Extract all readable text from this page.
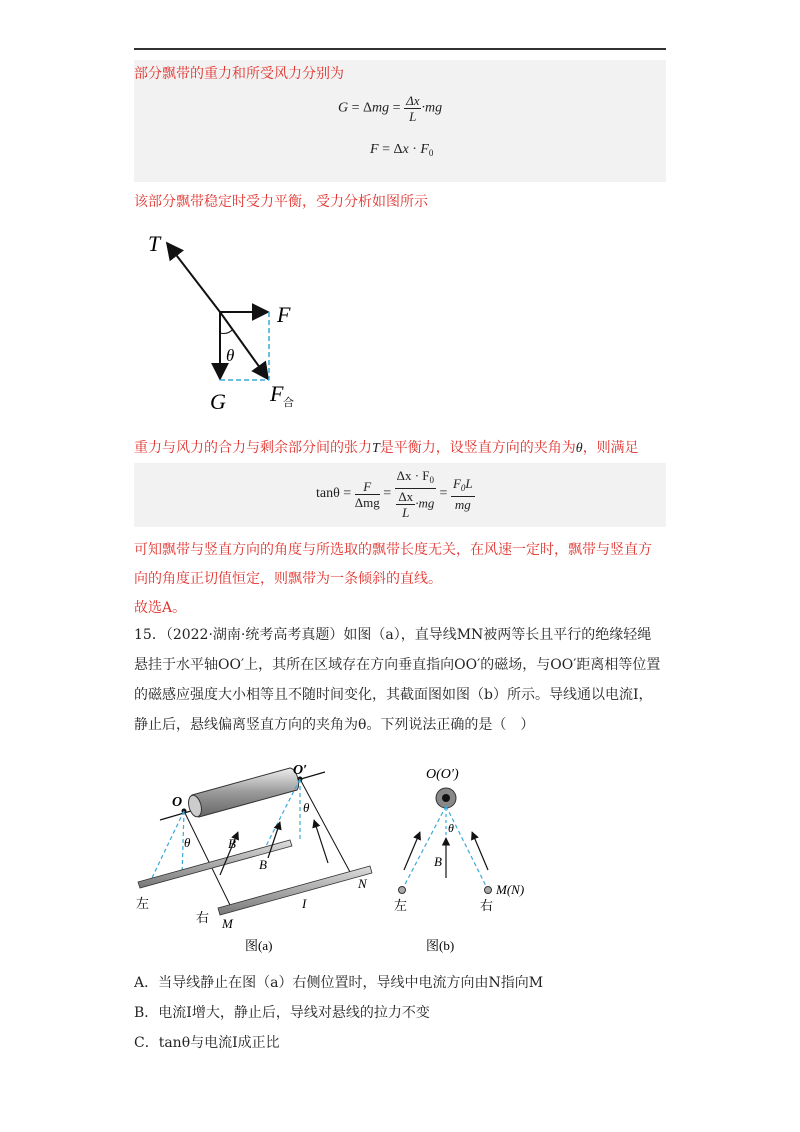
部分飘带的重力和所受风力分别为
$G = \Delta mg = \frac{\Delta x}{L} \cdot mg$
$F = \Delta x \cdot F_0$
该部分飘带稳定时受力平衡，受力分析如图所示
T
F
θ
G F 合
重力与风力的合力与剩余部分间的张力T是平衡力，设竖直方向的夹角为θ，则满足
$\tan\theta = \frac{F}{\text{Δmg}} = \frac{\Delta x \cdot F_0}{\frac{\Delta x}{L} \cdot mg} = \frac{F_0L}{mg}$
可知飘带与竖直方向的角度与所选取的飘带长度无关，在风速一定时，飘带与竖直方
向的角度正切值恒定，则飘带为一条倾斜的直线。
故选A。
15．（2022·湖南·统考高考真题）如图（a），直导线MN被两等长且平行的绝缘轻绳
悬挂于水平轴OO′上，其所在区域存在方向垂直指向OO′的磁场，与OO′距离相等位置
的磁感应强度大小相等且不随时间变化，其截面图如图（b）所示。导线通以电流I，
静止后，悬线偏离竖直方向的夹角为θ。下列说法正确的是（　）
O
O′
θ
θ
B
B
N
I
M
左
右
图(a)
O(O′)
θ
B
M(N)
左	右
图(b)
A．当导线静止在图（a）右侧位置时，导线中电流方向由N指向M
B．电流I增大，静止后，导线对悬线的拉力不变
C．tanθ与电流I成正比
